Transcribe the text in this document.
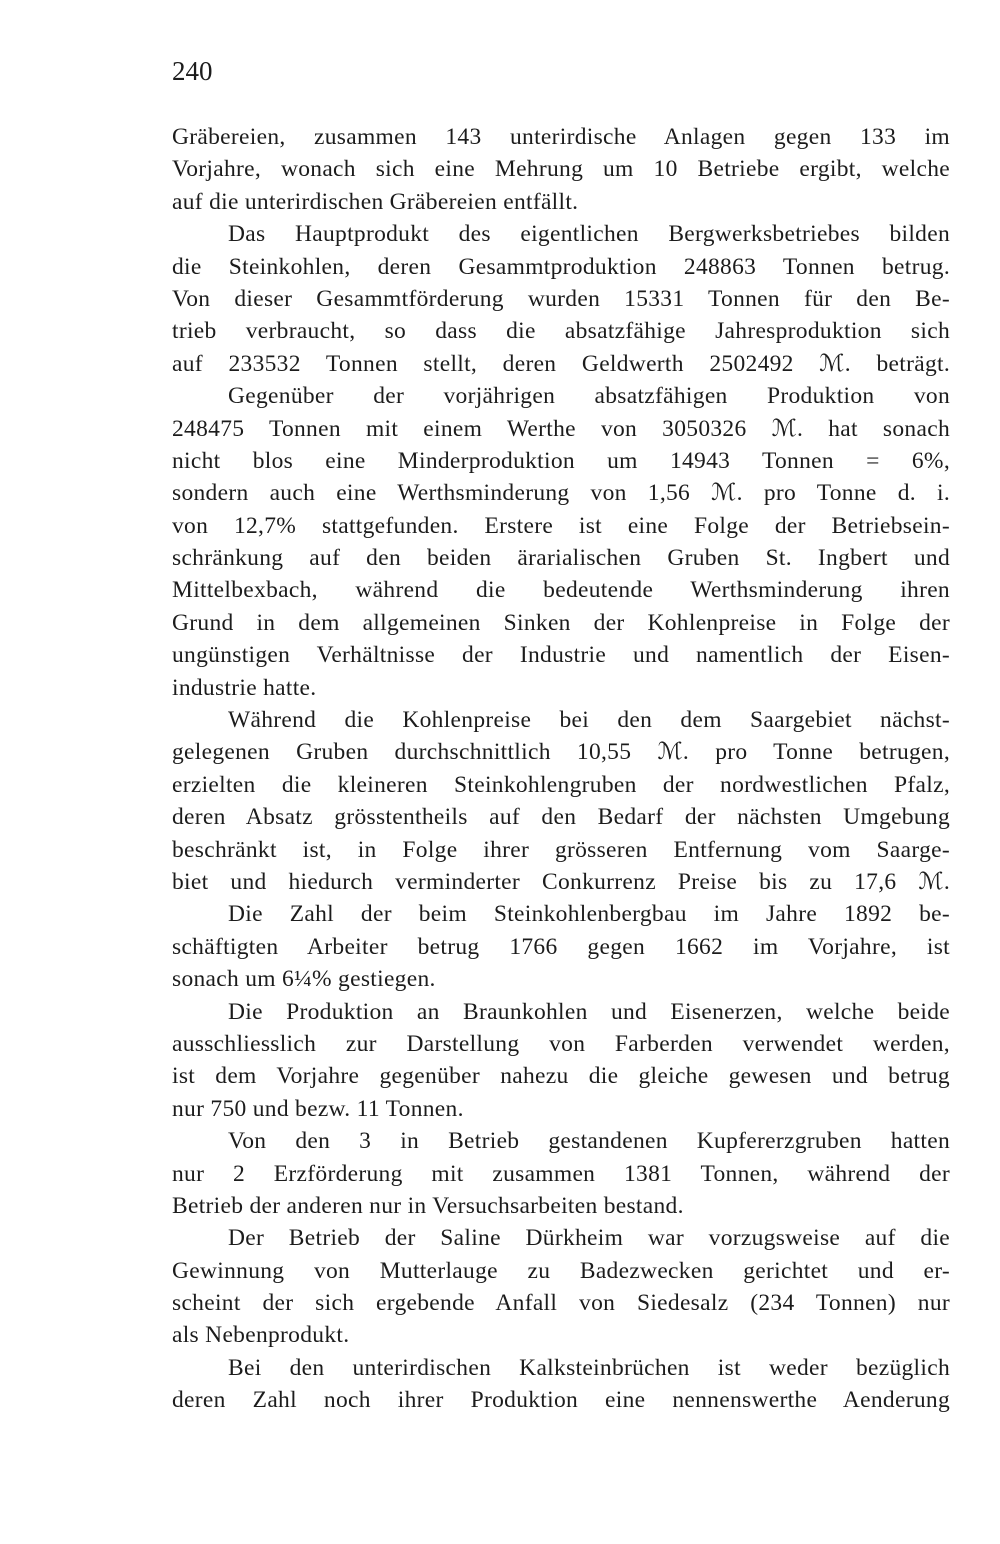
240
Gräbereien, zusammen 143 unterirdische Anlagen gegen 133 im
Vorjahre, wonach sich eine Mehrung um 10 Betriebe ergibt, welche
auf die unterirdischen Gräbereien entfällt.
Das Hauptprodukt des eigentlichen Bergwerksbetriebes bilden
die Steinkohlen, deren Gesammtproduktion 248863 Tonnen betrug.
Von dieser Gesammtförderung wurden 15331 Tonnen für den Be-
trieb verbraucht, so dass die absatzfähige Jahresproduktion sich
auf 233532 Tonnen stellt, deren Geldwerth 2502492 ℳ. beträgt.
Gegenüber der vorjährigen absatzfähigen Produktion von
248475 Tonnen mit einem Werthe von 3050326 ℳ. hat sonach
nicht blos eine Minderproduktion um 14943 Tonnen = 6%,
sondern auch eine Werthsminderung von 1,56 ℳ. pro Tonne d. i.
von 12,7% stattgefunden. Erstere ist eine Folge der Betriebsein-
schränkung auf den beiden ärarialischen Gruben St. Ingbert und
Mittelbexbach, während die bedeutende Werthsminderung ihren
Grund in dem allgemeinen Sinken der Kohlenpreise in Folge der
ungünstigen Verhältnisse der Industrie und namentlich der Eisen-
industrie hatte.
Während die Kohlenpreise bei den dem Saargebiet nächst-
gelegenen Gruben durchschnittlich 10,55 ℳ. pro Tonne betrugen,
erzielten die kleineren Steinkohlengruben der nordwestlichen Pfalz,
deren Absatz grösstentheils auf den Bedarf der nächsten Umgebung
beschränkt ist, in Folge ihrer grösseren Entfernung vom Saarge-
biet und hiedurch verminderter Conkurrenz Preise bis zu 17,6 ℳ.
Die Zahl der beim Steinkohlenbergbau im Jahre 1892 be-
schäftigten Arbeiter betrug 1766 gegen 1662 im Vorjahre, ist
sonach um 6¼% gestiegen.
Die Produktion an Braunkohlen und Eisenerzen, welche beide
ausschliesslich zur Darstellung von Farberden verwendet werden,
ist dem Vorjahre gegenüber nahezu die gleiche gewesen und betrug
nur 750 und bezw. 11 Tonnen.
Von den 3 in Betrieb gestandenen Kupfererzgruben hatten
nur 2 Erzförderung mit zusammen 1381 Tonnen, während der
Betrieb der anderen nur in Versuchsarbeiten bestand.
Der Betrieb der Saline Dürkheim war vorzugsweise auf die
Gewinnung von Mutterlauge zu Badezwecken gerichtet und er-
scheint der sich ergebende Anfall von Siedesalz (234 Tonnen) nur
als Nebenprodukt.
Bei den unterirdischen Kalksteinbrüchen ist weder bezüglich
deren Zahl noch ihrer Produktion eine nennenswerthe Aenderung
